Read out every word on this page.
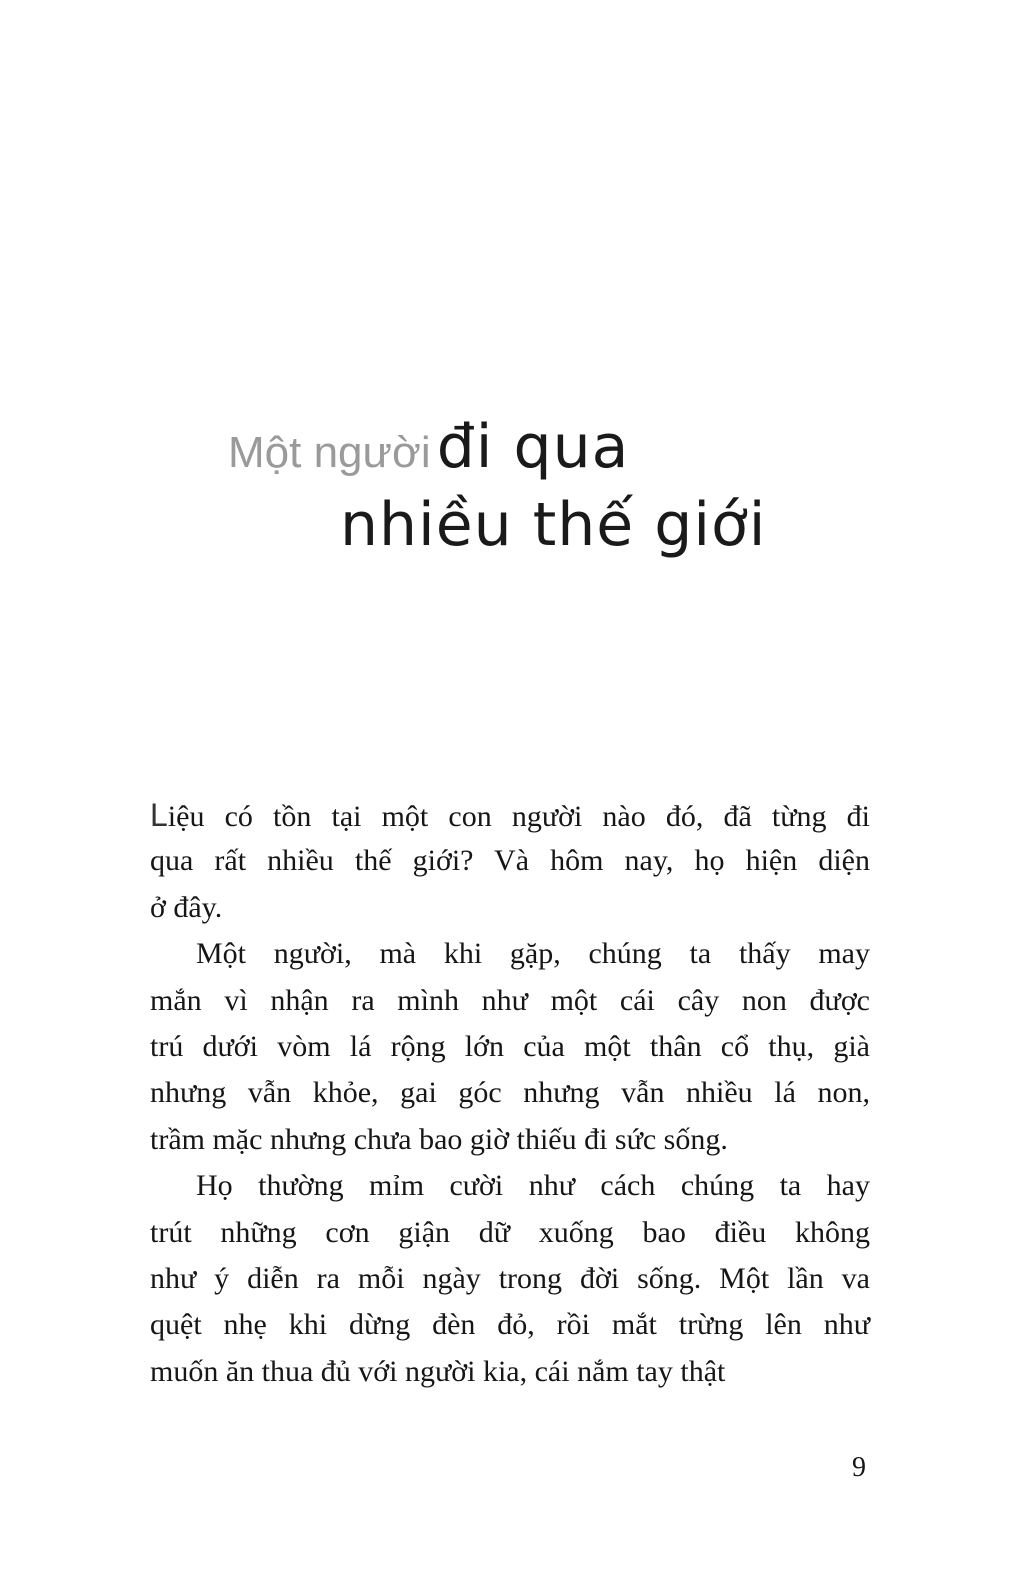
Một người đi qua
nhiều thế giới
Liệu có tồn tại một con người nào đó, đã từng đi
qua rất nhiều thế giới? Và hôm nay, họ hiện diện
ở đây.
Một người, mà khi gặp, chúng ta thấy may
mắn vì nhận ra mình như một cái cây non được
trú dưới vòm lá rộng lớn của một thân cổ thụ, già
nhưng vẫn khỏe, gai góc nhưng vẫn nhiều lá non,
trầm mặc nhưng chưa bao giờ thiếu đi sức sống.
Họ thường mỉm cười như cách chúng ta hay
trút những cơn giận dữ xuống bao điều không
như ý diễn ra mỗi ngày trong đời sống. Một lần va
quệt nhẹ khi dừng đèn đỏ, rồi mắt trừng lên như
muốn ăn thua đủ với người kia, cái nắm tay thật
9
